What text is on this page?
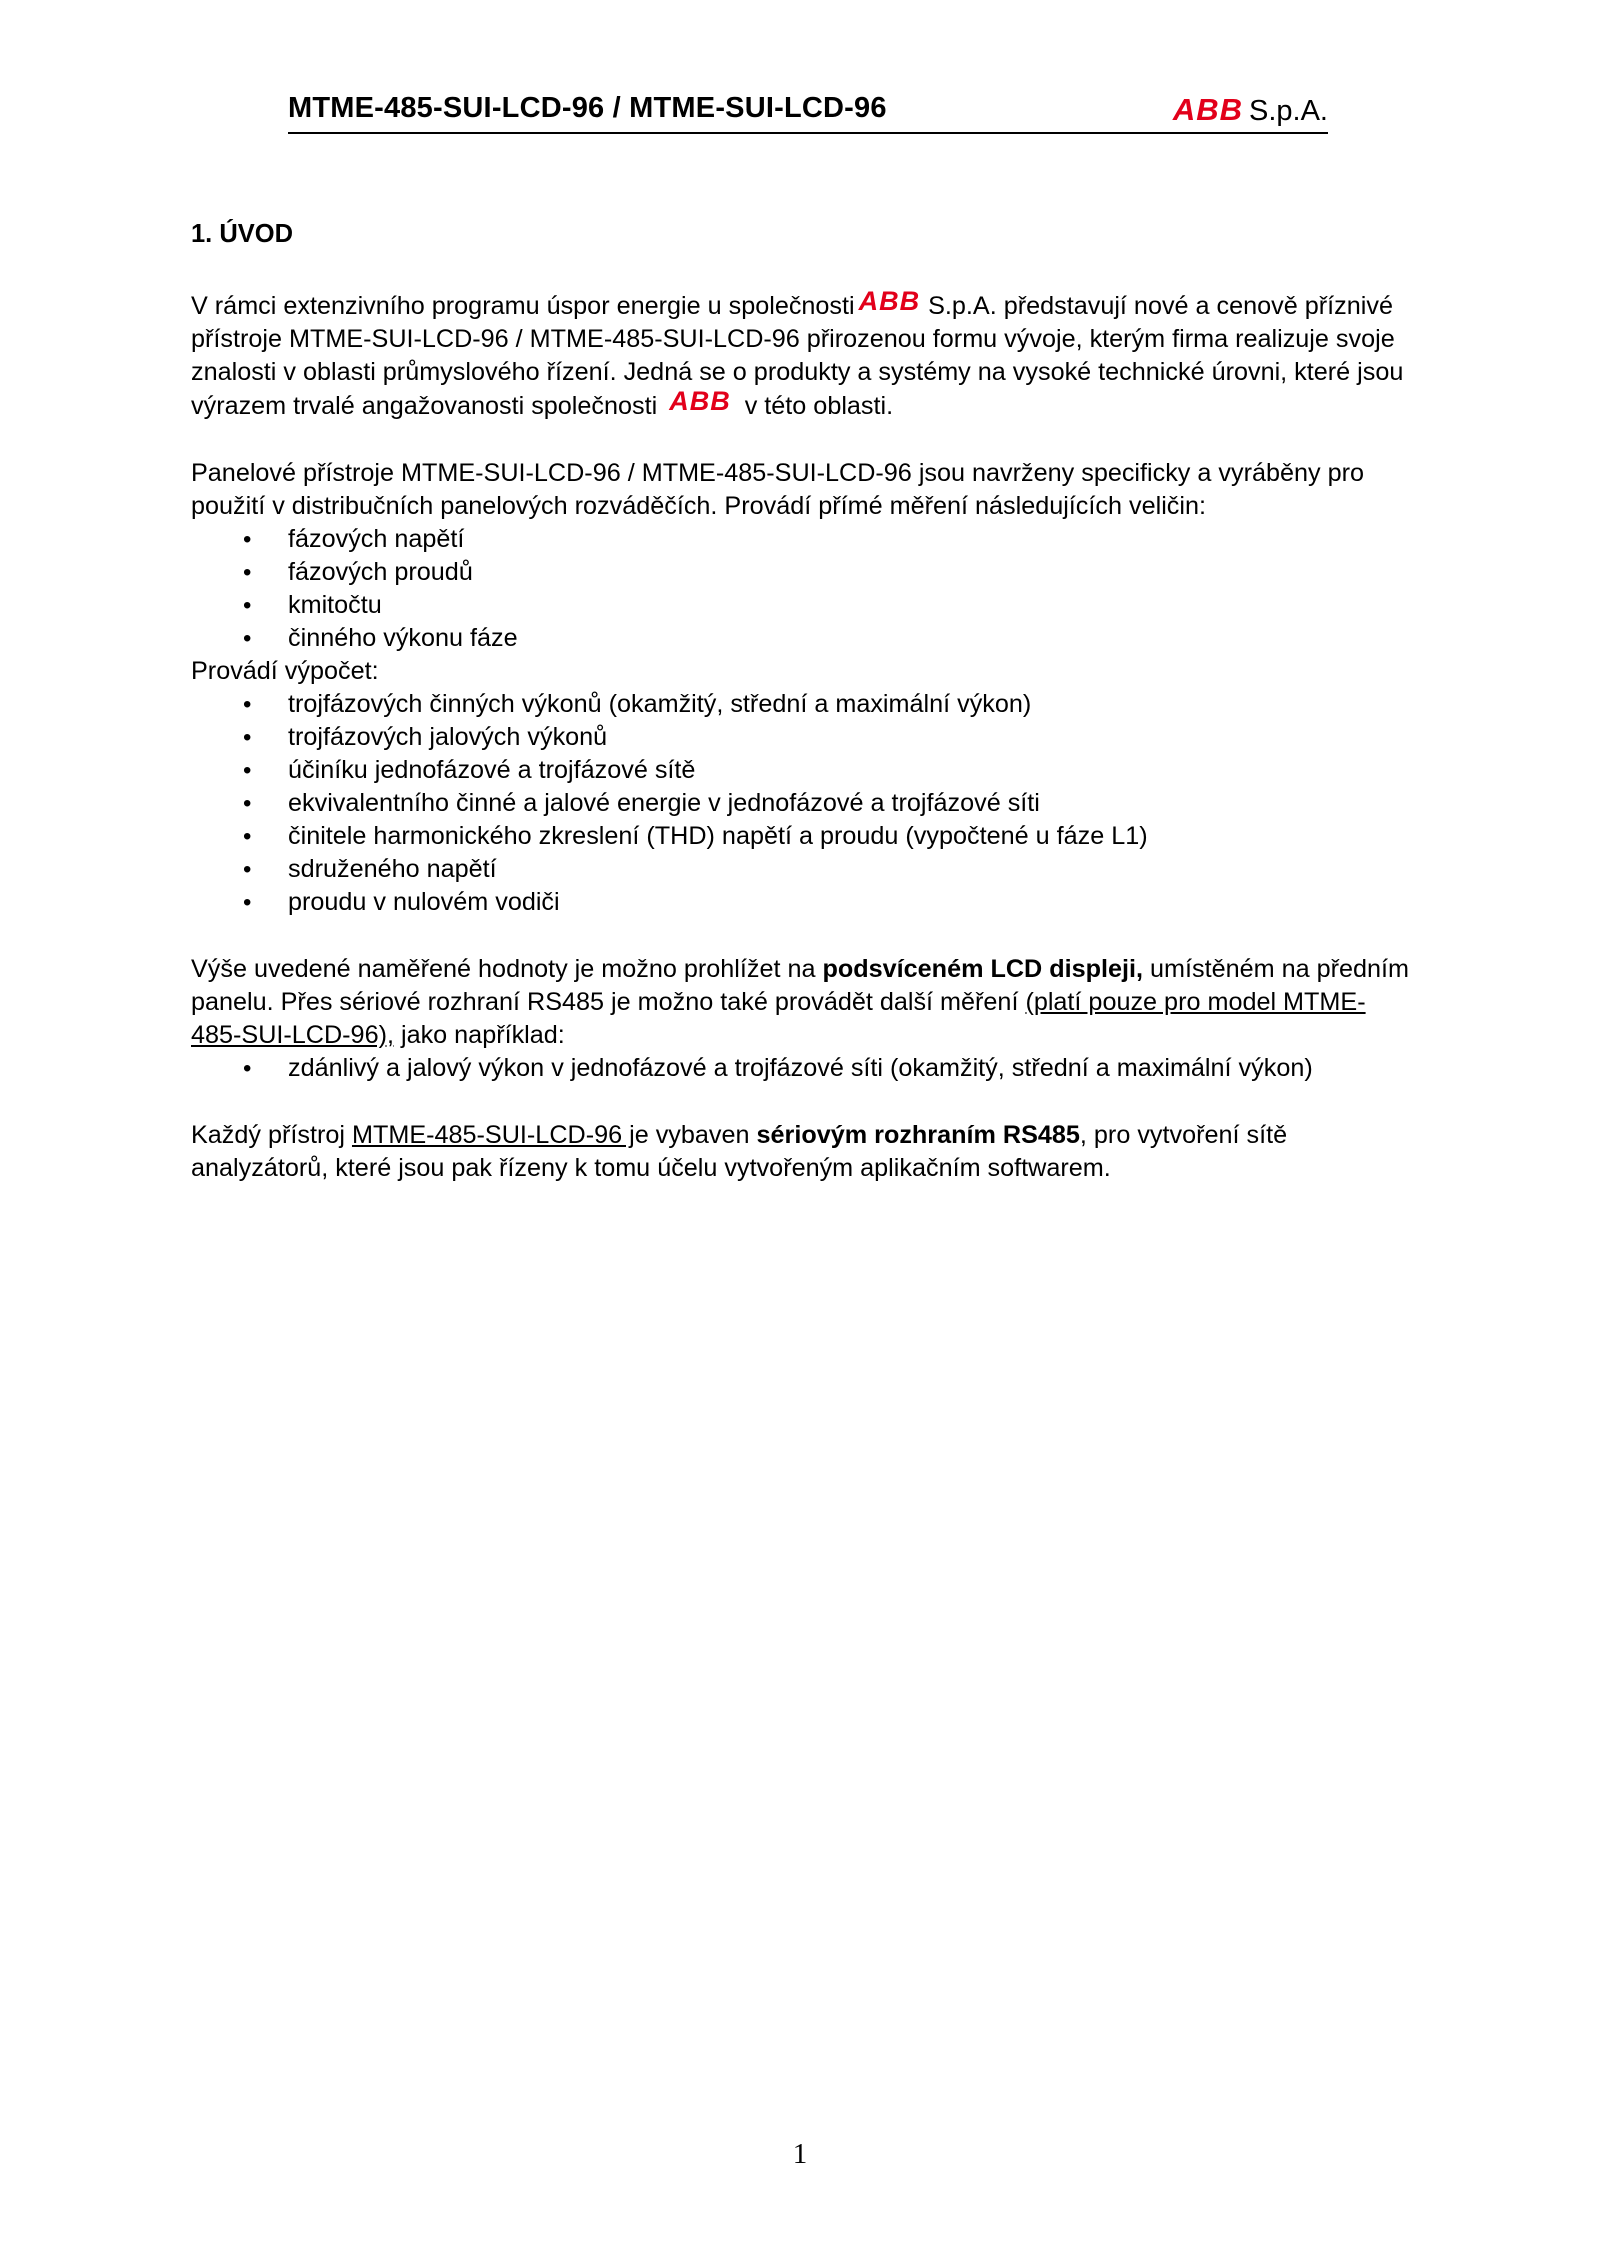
MTME-485-SUI-LCD-96 / MTME-SUI-LCD-96	ABB S.p.A.
1. ÚVOD

V rámci extenzivního programu úspor energie u společnosti ABB S.p.A. představují nové a cenově příznivé přístroje MTME-SUI-LCD-96 / MTME-485-SUI-LCD-96 přirozenou formu vývoje, kterým firma realizuje svoje znalosti v oblasti průmyslového řízení. Jedná se o produkty a systémy na vysoké technické úrovni, které jsou výrazem trvalé angažovanosti společnosti ABB v této oblasti.

Panelové přístroje MTME-SUI-LCD-96 / MTME-485-SUI-LCD-96 jsou navrženy specificky a vyráběny pro použití v distribučních panelových rozváděčích. Provádí přímé měření následujících veličin:

• fázových napětí
• fázových proudů
• kmitočtu
• činného výkonu fáze

Provádí výpočet:

• trojfázových činných výkonů (okamžitý, střední a maximální výkon)
• trojfázových jalových výkonů
• účiníku jednofázové a trojfázové sítě
• ekvivalentního činné a jalové energie v jednofázové a trojfázové síti
• činitele harmonického zkreslení (THD) napětí a proudu (vypočtené u fáze L1)
• sdruženého napětí
• proudu v nulovém vodiči

Výše uvedené naměřené hodnoty je možno prohlížet na podsvíceném LCD displeji, umístěném na předním panelu. Přes sériové rozhraní RS485 je možno také provádět další měření (platí pouze pro model MTME-485-SUI-LCD-96), jako například:

• zdánlivý a jalový výkon v jednofázové a trojfázové síti (okamžitý, střední a maximální výkon)

Každý přístroj MTME-485-SUI-LCD-96 je vybaven sériovým rozhraním RS485, pro vytvoření sítě analyzátorů, které jsou pak řízeny k tomu účelu vytvořeným aplikačním softwarem.

1
